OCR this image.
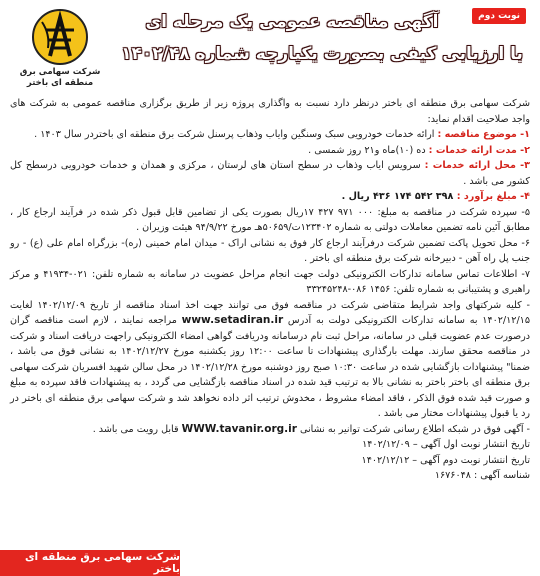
شرکت سهامی برق منطقه ای باختر
آگهی مناقصه عمومی یک مرحله ای
با ارزیابی کیفی بصورت یکپارچه شماره ۱۴۰۲/۴۸
نوبت دوم

شرکت سهامی برق منطقه ای باختر درنظر دارد نسبت به واگذاری پروژه زیر از طریق برگزاری مناقصه عمومی به شرکت های واجد صلاحیت اقدام نماید:

۱- موضوع مناقصه : ارائه خدمات خودرویی سبک وسنگین وایاب وذهاب پرسنل شرکت برق منطقه ای باختردر سال ۱۴۰۳ .

۲- مدت ارائه خدمات : ده (۱۰)ماه و۲۱ روز شمسی .

۳- محل ارائه خدمات : سرویس ایاب وذهاب در سطح استان های لرستان ، مرکزی و همدان و خدمات خودرویی درسطح کل کشور می باشد .

۴- مبلغ برآورد : ۳۹۸ ۵۴۲ ۱۷۴ ۴۳۶ ریال .

۵- سپرده شرکت در مناقصه به مبلغ: ۰۰۰ ۹۷۱ ۴۲۷ ۱۷ریال بصورت یکی از تضامین قابل قبول ذکر شده در فرآیند ارجاع کار ، مطابق آئین نامه تضمین معاملات دولتی به شماره ۱۲۳۴۰۲ت/۵۰۶۵۹هـ مورخ ۹۴/۹/۲۲ هیئت وزیران .

۶- محل تحویل پاکت تضمین شرکت درفرآیند ارجاع کار فوق به نشانی اراک - میدان امام خمینی (ره)- بزرگراه امام علی (ع) - رو جنب پل راه آهن - دبیرخانه شرکت برق منطقه ای باختر .

۷- اطلاعات تماس سامانه تدارکات الکترونیکی دولت جهت انجام مراحل عضویت در سامانه به شماره تلفن: ۰۲۱-۴۱۹۳۴ و مرکز راهبری و پشتیبانی به شماره تلفن: ۱۴۵۶ ۰۸۶-۳۳۲۴۵۲۴۸

- کلیه شرکتهای واجد شرایط متقاضی شرکت در مناقصه فوق می توانند جهت اخذ اسناد مناقصه از تاریخ ۱۴۰۲/۱۲/۰۹ لغایت ۱۴۰۲/۱۲/۱۵ به سامانه تدارکات الکترونیکی دولت به آدرس www.setadiran.ir مراجعه نمایند ، لازم است مناقصه گران درصورت عدم عضویت قبلی در سامانه، مراحل ثبت نام درسامانه ودریافت گواهی امضاء الکترونیکی راجهت دریافت اسناد و شرکت در مناقصه محقق سازند. مهلت بارگذاری پیشنهادات تا ساعت ۱۲:۰۰ روز یکشنبه مورخ ۱۴۰۲/۱۲/۲۷ به نشانی فوق می باشد ، ضمنا" پیشنهادات بازگشایی شده در ساعت ۱۰:۳۰ صبح روز دوشنبه مورخ ۱۴۰۲/۱۲/۲۸ در محل سالن شهید افسریان شرکت سهامی برق منطقه ای باختر باختر به نشانی بالا به ترتیب قید شده در اسناد مناقصه بازگشایی می گردد ، به پیشنهادات فاقد سپرده به مبلغ و صورت قید شده فوق الذکر ، فاقد امضاء مشروط ، مخدوش ترتیب اثر داده نخواهد شد و شرکت سهامی برق منطقه ای باختر در رد یا قبول پیشنهادات مختار می باشد .

- آگهی فوق در شبکه اطلاع رسانی شرکت توانیر به نشانی WWW.tavanir.org.ir قابل رویت می باشد .

تاریخ انتشار نوبت اول آگهی – ۱۴۰۲/۱۲/۰۹

تاریخ انتشار نوبت دوم آگهی – ۱۴۰۲/۱۲/۱۲

شناسه آگهی : ۱۶۷۶۰۴۸

شرکت سهامی برق منطقه ای باختر
